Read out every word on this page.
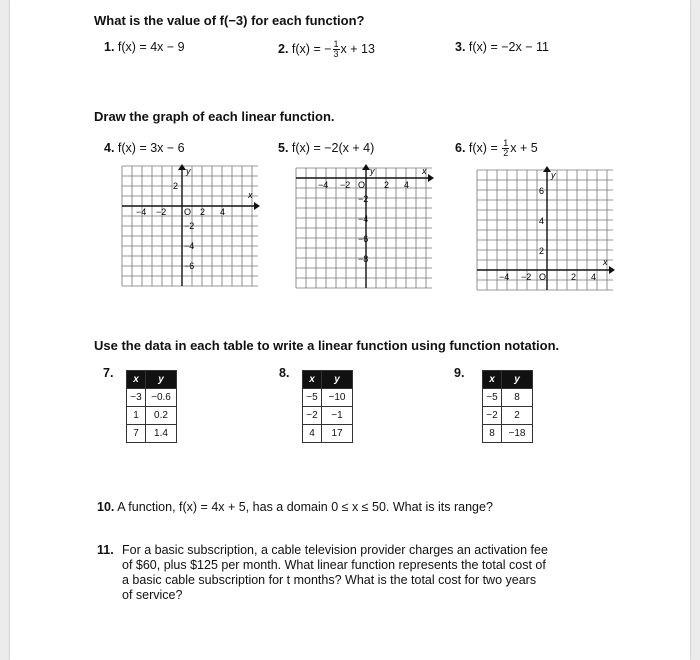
What is the value of f(−3) for each function?
1. f(x) = 4x − 9	2. f(x) = − $\frac{1}{3}$ x + 13	3. f(x) = −2x − 11
Draw the graph of each linear function.
4. f(x) = 3x − 6	5. f(x) = −2(x + 4)	6. $f(x) = \frac{1}{2}$ x + 5
y
x
O
−4 −2	2 4
2
−2
−4
−6
y	x
O
−4 −2	2 4
−2
−4
−6
−8
y
x
O
−4 −2	2 4
6
4
2
Use the data in each table to write a linear function using function notation.
7. x	y
−3	−0.6
1	0.2
7	1.4
8. x	y
−5	−10
−2	−1
4	17
9. x	y
−5	8
−2	2
8	−18
10. A function, f(x) = 4x + 5, has a domain 0 ≤ x ≤ 50. What is its range?
11. For a basic subscription, a cable television provider charges an activation fee
of $60, plus $125 per month. What linear function represents the total cost of
a basic cable subscription for t months? What is the total cost for two years
of service?
